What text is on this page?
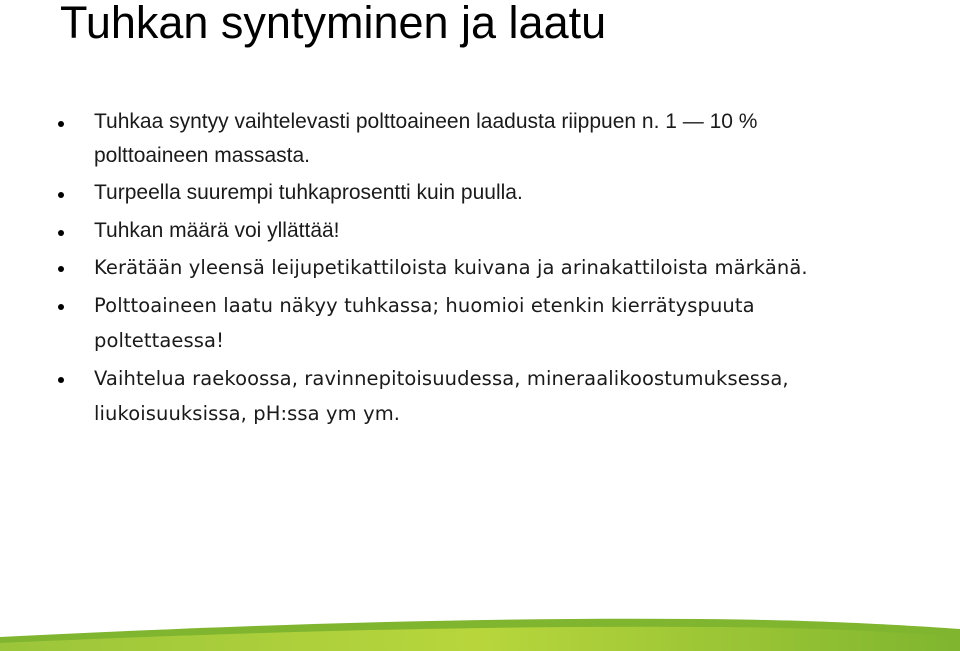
Tuhkan syntyminen ja laatu
Tuhkaa syntyy vaihtelevasti polttoaineen laadusta riippuen n. 1 — 10 % polttoaineen massasta.
Turpeella suurempi tuhkaprosentti kuin puulla.
Tuhkan määrä voi yllättää!
Kerätään yleensä leijupetikattiloista kuivana ja arinakattiloista märkänä.
Polttoaineen laatu näkyy tuhkassa; huomioi etenkin kierrätyspuuta poltettaessa!
Vaihtelua raekoossa, ravinnepitoisuudessa, mineraalikoostumuksessa, liukoisuuksissa, pH:ssa ym ym.
